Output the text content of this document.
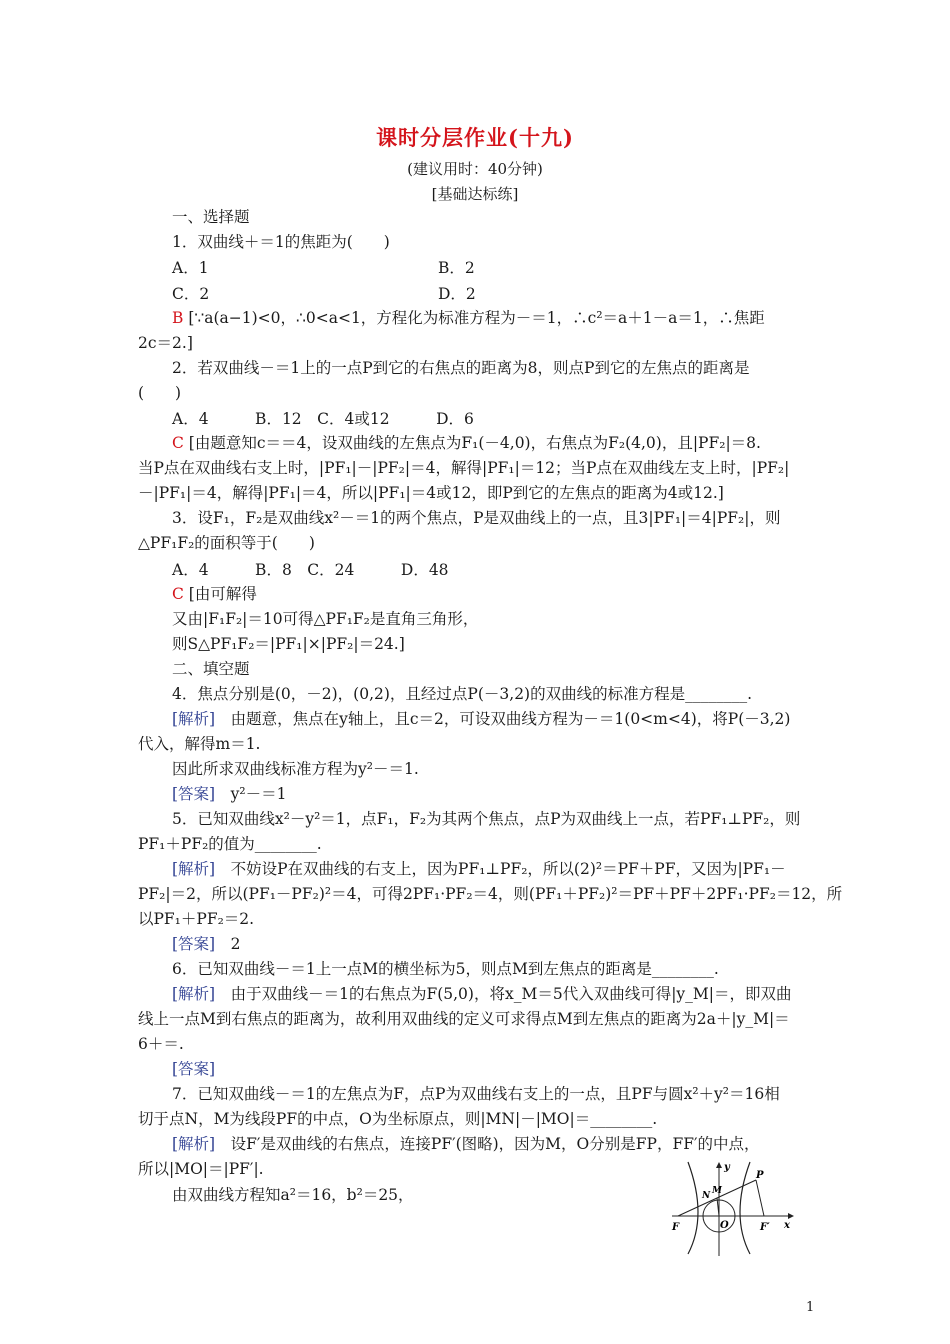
课时分层作业(十九)
(建议用时：40分钟)
[基础达标练]
一、选择题
1．双曲线＋＝1的焦距为(　　)
A．1	B．2
C．2	D．2
B [∵a(a−1)<0，∴0<a<1，方程化为标准方程为－＝1，∴c²＝a＋1－a＝1，∴焦距
2c＝2.]
2．若双曲线－＝1上的一点P到它的右焦点的距离为8，则点P到它的左焦点的距离是
(　　)
A．4　　　B．12　C．4或12　　　D．6
C [由题意知c＝＝4，设双曲线的左焦点为F₁(－4,0)，右焦点为F₂(4,0)，且|PF₂|＝8.
当P点在双曲线右支上时，|PF₁|－|PF₂|＝4，解得|PF₁|＝12；当P点在双曲线左支上时，|PF₂|
－|PF₁|＝4，解得|PF₁|＝4，所以|PF₁|＝4或12，即P到它的左焦点的距离为4或12.]
3．设F₁，F₂是双曲线x²－＝1的两个焦点，P是双曲线上的一点，且3|PF₁|＝4|PF₂|，则
△PF₁F₂的面积等于(　　)
A．4　　　B．8　C．24　　　D．48
C [由可解得
又由|F₁F₂|＝10可得△PF₁F₂是直角三角形，
则S△PF₁F₂＝|PF₁|×|PF₂|＝24.]
二、填空题
4．焦点分别是(0，－2)，(0,2)，且经过点P(－3,2)的双曲线的标准方程是________.
[解析]　由题意，焦点在y轴上，且c＝2，可设双曲线方程为－＝1(0<m<4)，将P(－3,2)
代入，解得m＝1.
因此所求双曲线标准方程为y²－＝1.
[答案]　y²－＝1
5．已知双曲线x²－y²＝1，点F₁，F₂为其两个焦点，点P为双曲线上一点，若PF₁⊥PF₂，则
PF₁＋PF₂的值为________.
[解析]　不妨设P在双曲线的右支上，因为PF₁⊥PF₂，所以(2)²＝PF＋PF，又因为|PF₁－
PF₂|＝2，所以(PF₁－PF₂)²＝4，可得2PF₁·PF₂＝4，则(PF₁＋PF₂)²＝PF＋PF＋2PF₁·PF₂＝12，所
以PF₁＋PF₂＝2.
[答案]　2
6．已知双曲线－＝1上一点M的横坐标为5，则点M到左焦点的距离是________.
[解析]　由于双曲线－＝1的右焦点为F(5,0)，将x_M＝5代入双曲线可得|y_M|＝，即双曲
线上一点M到右焦点的距离为，故利用双曲线的定义可求得点M到左焦点的距离为2a＋|y_M|＝
6＋＝.
[答案]
7．已知双曲线－＝1的左焦点为F，点P为双曲线右支上的一点，且PF与圆x²＋y²＝16相
切于点N，M为线段PF的中点，O为坐标原点，则|MN|－|MO|＝________.
[解析]　设F′是双曲线的右焦点，连接PF′(图略)，因为M，O分别是FP，FF′的中点，
所以|MO|＝|PF′|.
由双曲线方程知a²＝16，b²＝25，
y
x
N M
P
O
F	F′
1
